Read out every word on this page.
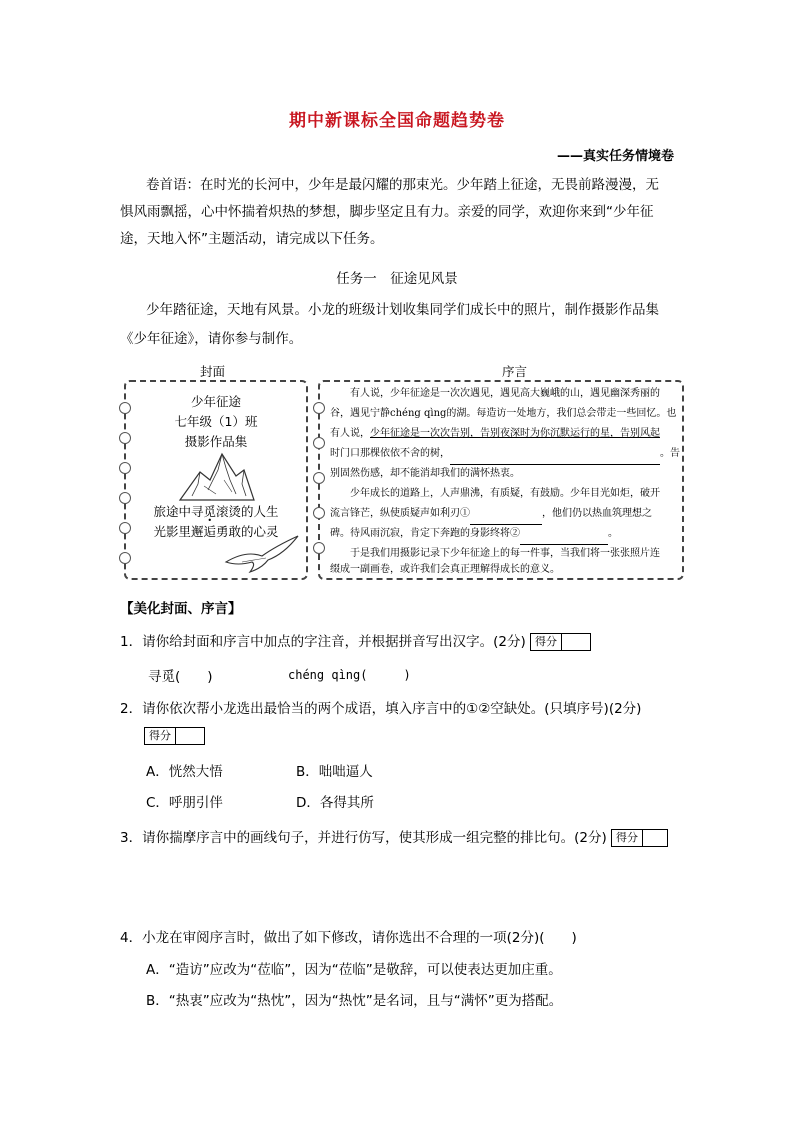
期中新课标全国命题趋势卷
——真实任务情境卷
卷首语：在时光的长河中，少年是最闪耀的那束光。少年踏上征途，无畏前路漫漫，无
惧风雨飘摇，心中怀揣着炽热的梦想，脚步坚定且有力。亲爱的同学，欢迎你来到“少年征
途，天地入怀”主题活动，请完成以下任务。
任务一　征途见风景
少年踏征途，天地有风景。小龙的班级计划收集同学们成长中的照片，制作摄影作品集
《少年征途》，请你参与制作。
封面	序言
少年征途
七年级（1）班
摄影作品集
旅途中寻觅滚烫的人生
光影里邂逅勇敢的心灵
有人说，少年征途是一次次遇见，遇见高大巍峨的山，遇见幽深秀丽的
谷，遇见宁静chéng qìng的湖。每造访一处地方，我们总会带走一些回忆。也
有人说，少年征途是一次次告别，告别夜深时为你沉默运行的星，告别风起
时门口那棵依依不舍的树，	。告
别固然伤感，却不能消却我们的满怀热衷。
少年成长的道路上，人声鼎沸，有质疑，有鼓励。少年目光如炬，破开
流言锋芒，纵使质疑声如利刃①	，他们仍以热血筑理想之
碑。待风雨沉寂，肯定下奔跑的身影终将②	。
于是我们用摄影记录下少年征途上的每一件事，当我们将一张张照片连
缀成一副画卷，或许我们会真正理解得成长的意义。
【美化封面、序言】
1．请你给封面和序言中加点的字注音，并根据拼音写出汉字。(2分) 得分
寻觅(　　)	chéng qìng(　　　)
2．请你依次帮小龙选出最恰当的两个成语，填入序言中的①②空缺处。(只填序号)(2分)
得分
A．恍然大悟	B．咄咄逼人
C．呼朋引伴	D．各得其所
3．请你揣摩序言中的画线句子，并进行仿写，使其形成一组完整的排比句。(2分) 得分
4．小龙在审阅序言时，做出了如下修改，请你选出不合理的一项(2分)(　　)
A．“造访”应改为“莅临”，因为“莅临”是敬辞，可以使表达更加庄重。
B．“热衷”应改为“热忱”，因为“热忱”是名词，且与“满怀”更为搭配。
